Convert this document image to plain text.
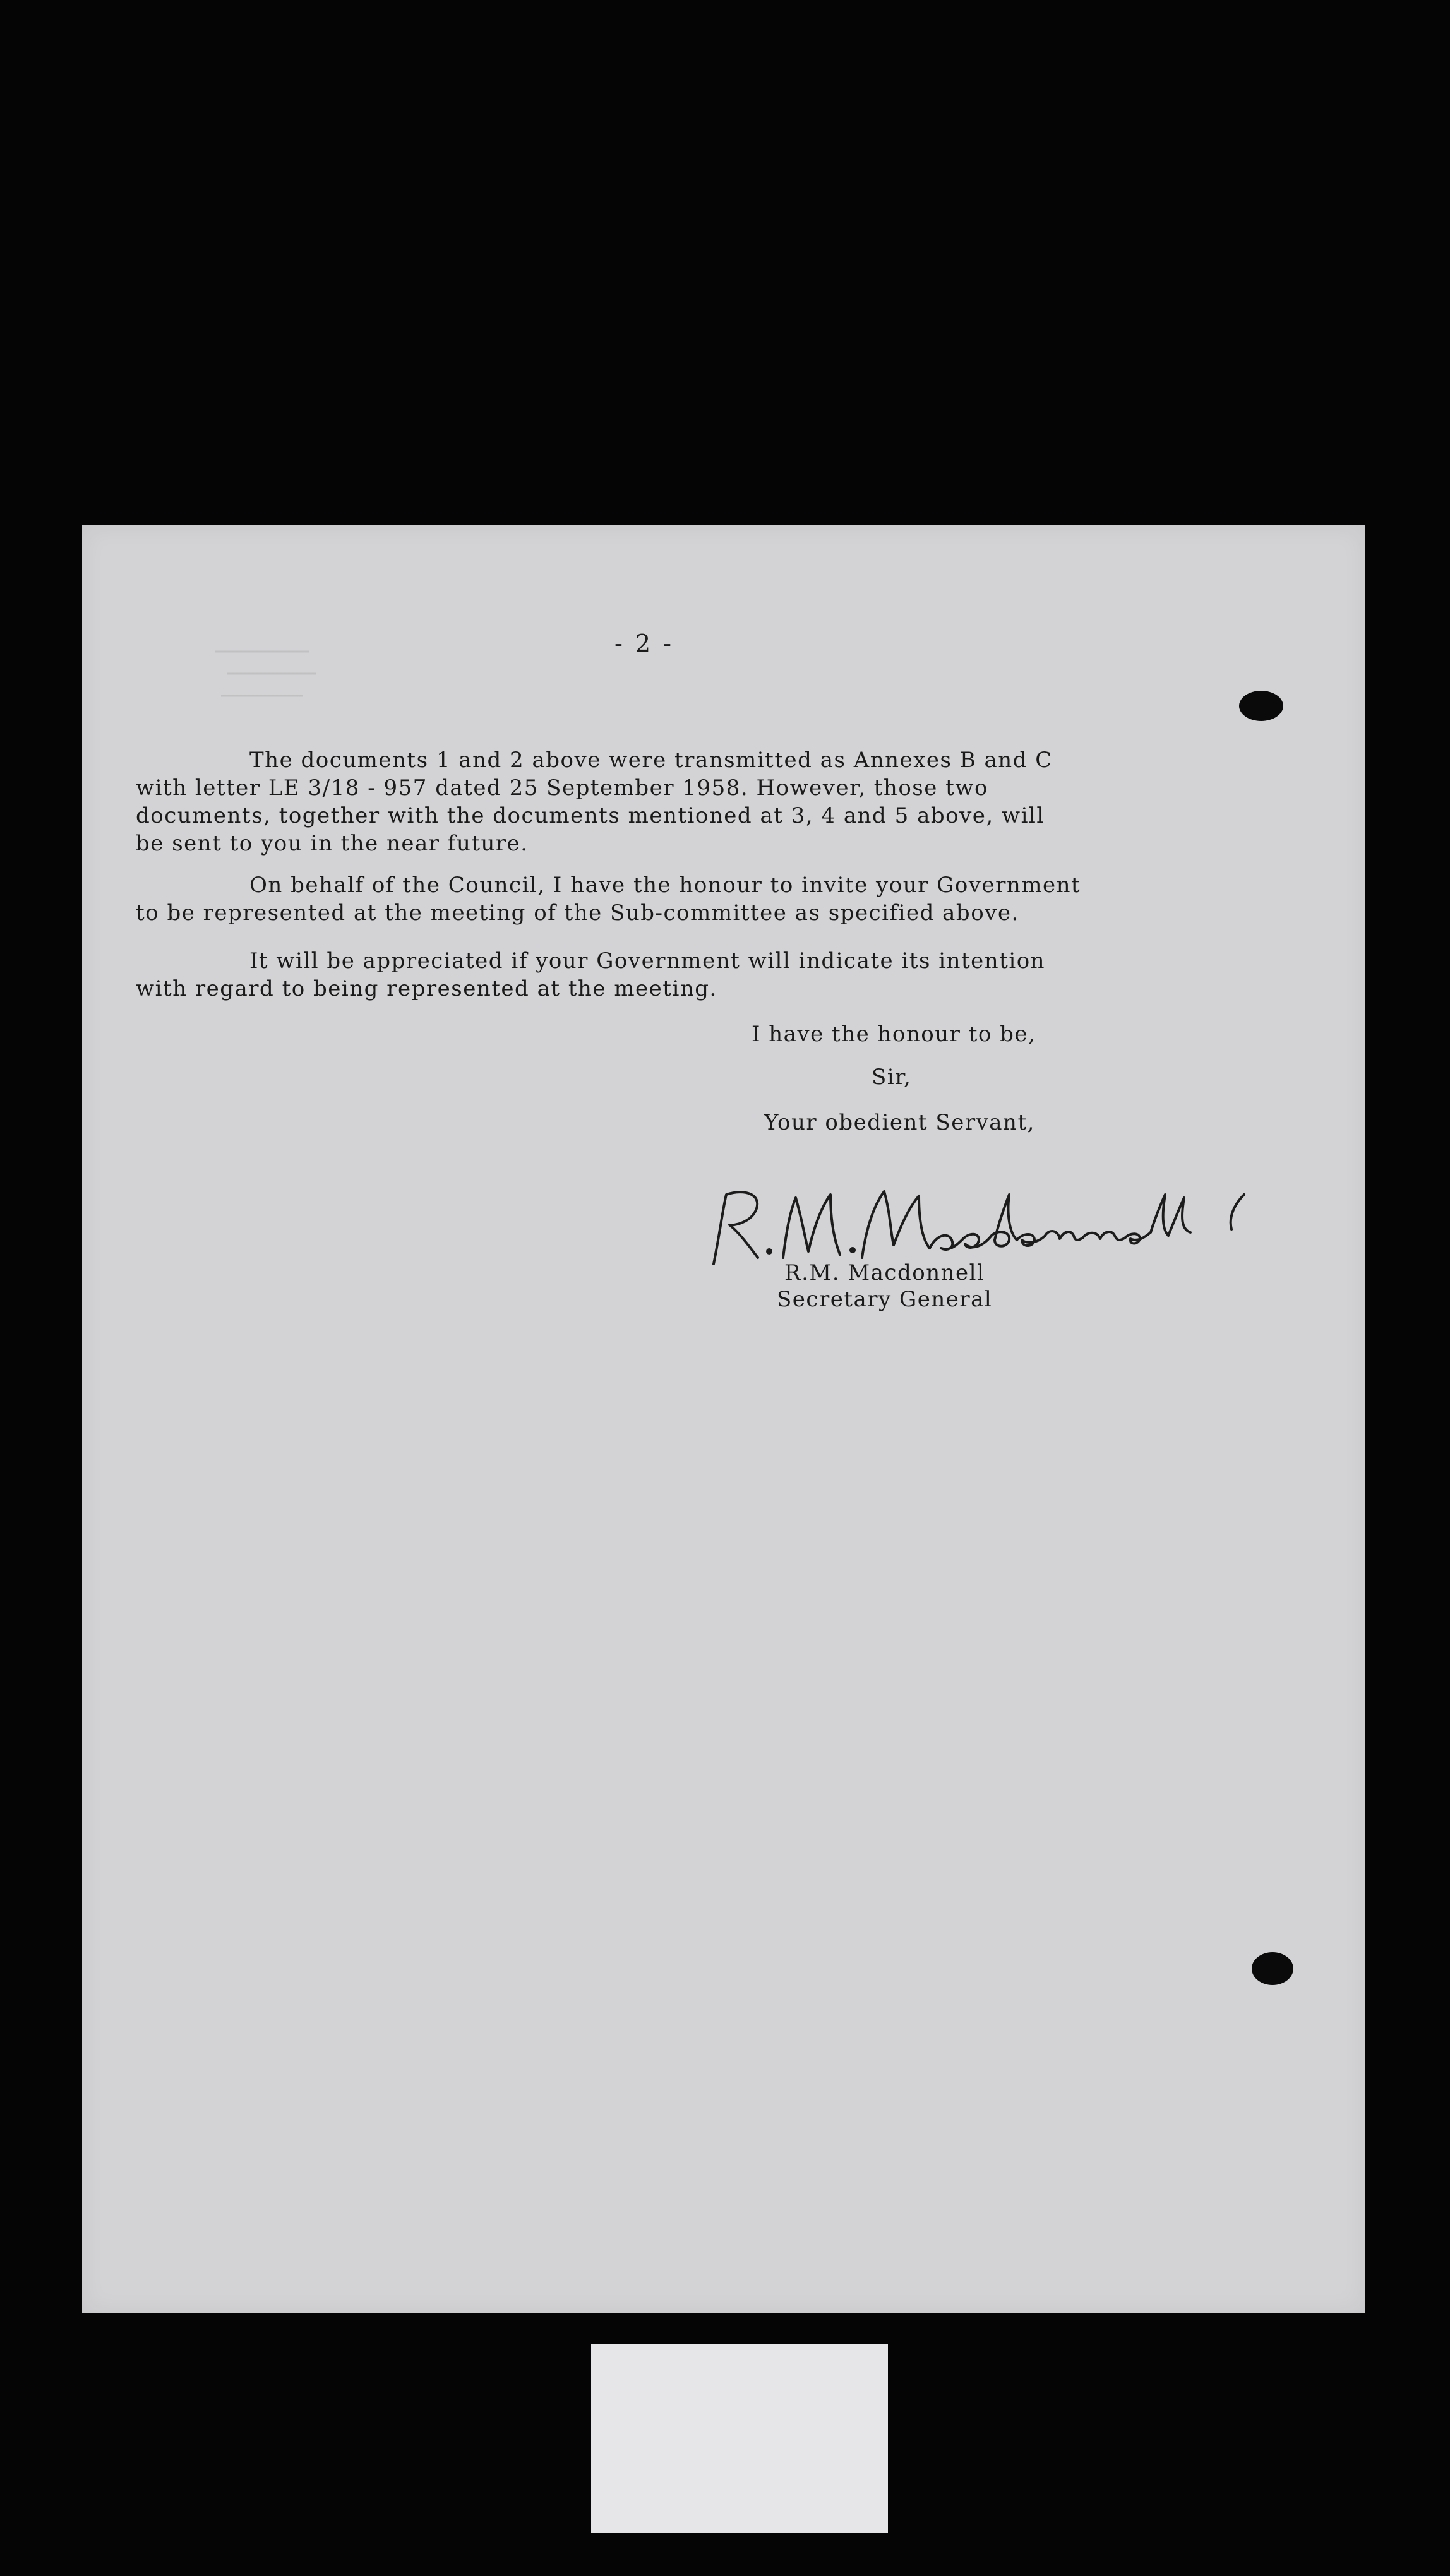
- 2 -
The documents 1 and 2 above were transmitted as Annexes B and C
with letter LE 3/18 - 957 dated 25 September 1958. However, those two
documents, together with the documents mentioned at 3, 4 and 5 above, will
be sent to you in the near future.
On behalf of the Council, I have the honour to invite your Government
to be represented at the meeting of the Sub-committee as specified above.
It will be appreciated if your Government will indicate its intention
with regard to being represented at the meeting.
I have the honour to be,
Sir,
Your obedient Servant,
R.M. Macdonnell
Secretary General
